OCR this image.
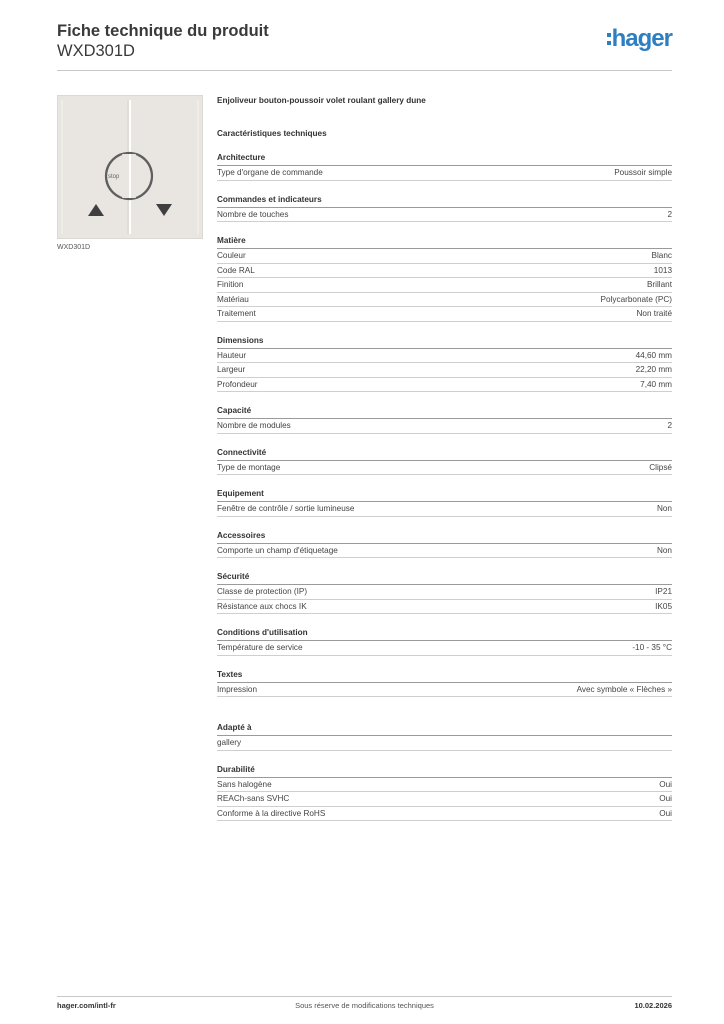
Fiche technique du produit
WXD301D	hager
stop
WXD301D
Enjoliveur bouton-poussoir volet roulant gallery dune
Caractéristiques techniques
Architecture
Type d'organe de commande	Poussoir simple
Commandes et indicateurs
Nombre de touches	2
Matière
Couleur	Blanc
Code RAL	1013
Finition	Brillant
Matériau	Polycarbonate (PC)
Traitement	Non traité
Dimensions
Hauteur	44,60 mm
Largeur	22,20 mm
Profondeur	7,40 mm
Capacité
Nombre de modules	2
Connectivité
Type de montage	Clipsé
Equipement
Fenêtre de contrôle / sortie lumineuse	Non
Accessoires
Comporte un champ d'étiquetage	Non
Sécurité
Classe de protection (IP)	IP21
Résistance aux chocs IK	IK05
Conditions d'utilisation
Température de service	-10 - 35 °C
Textes
Impression	Avec symbole « Flèches »
Adapté à
gallery
Durabilité
Sans halogène	Oui
REACh-sans SVHC	Oui
Conforme à la directive RoHS	Oui
hager.com/intl-fr	Sous réserve de modifications techniques	10.02.2026
